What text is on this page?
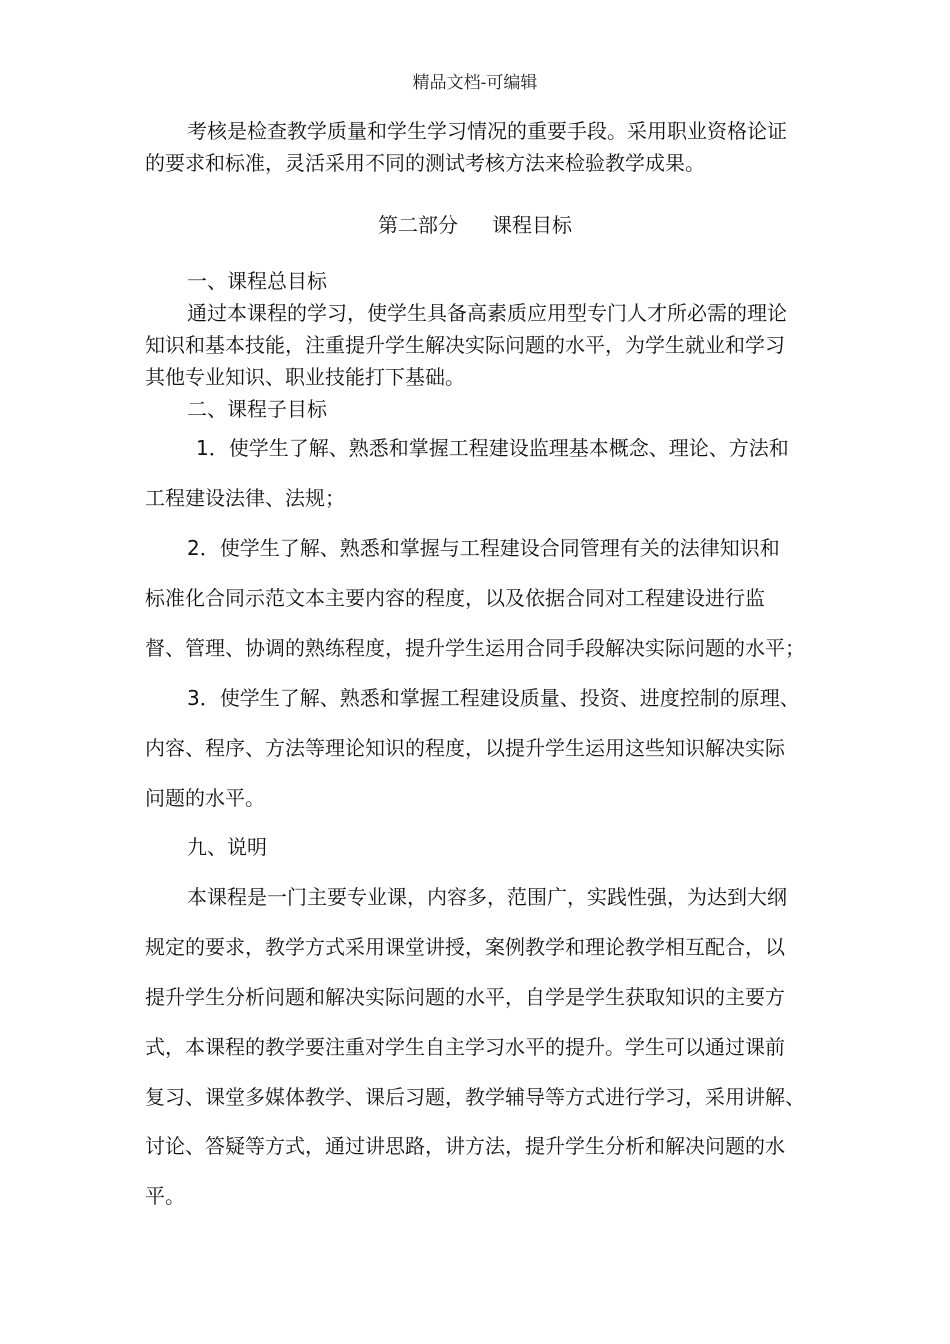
精品文档-可编辑
考核是检查教学质量和学生学习情况的重要手段。采用职业资格论证
的要求和标准，灵活采用不同的测试考核方法来检验教学成果。
第二部分 课程目标
一、课程总目标
通过本课程的学习，使学生具备高素质应用型专门人才所必需的理论
知识和基本技能，注重提升学生解决实际问题的水平，为学生就业和学习
其他专业知识、职业技能打下基础。
二、课程子目标
1．使学生了解、熟悉和掌握工程建设监理基本概念、理论、方法和
工程建设法律、法规；
2．使学生了解、熟悉和掌握与工程建设合同管理有关的法律知识和
标准化合同示范文本主要内容的程度，以及依据合同对工程建设进行监
督、管理、协调的熟练程度，提升学生运用合同手段解决实际问题的水平；
3．使学生了解、熟悉和掌握工程建设质量、投资、进度控制的原理、
内容、程序、方法等理论知识的程度，以提升学生运用这些知识解决实际
问题的水平。
九、说明
本课程是一门主要专业课，内容多，范围广，实践性强，为达到大纲
规定的要求，教学方式采用课堂讲授，案例教学和理论教学相互配合，以
提升学生分析问题和解决实际问题的水平，自学是学生获取知识的主要方
式，本课程的教学要注重对学生自主学习水平的提升。学生可以通过课前
复习、课堂多媒体教学、课后习题，教学辅导等方式进行学习，采用讲解、
讨论、答疑等方式，通过讲思路，讲方法，提升学生分析和解决问题的水
平。
